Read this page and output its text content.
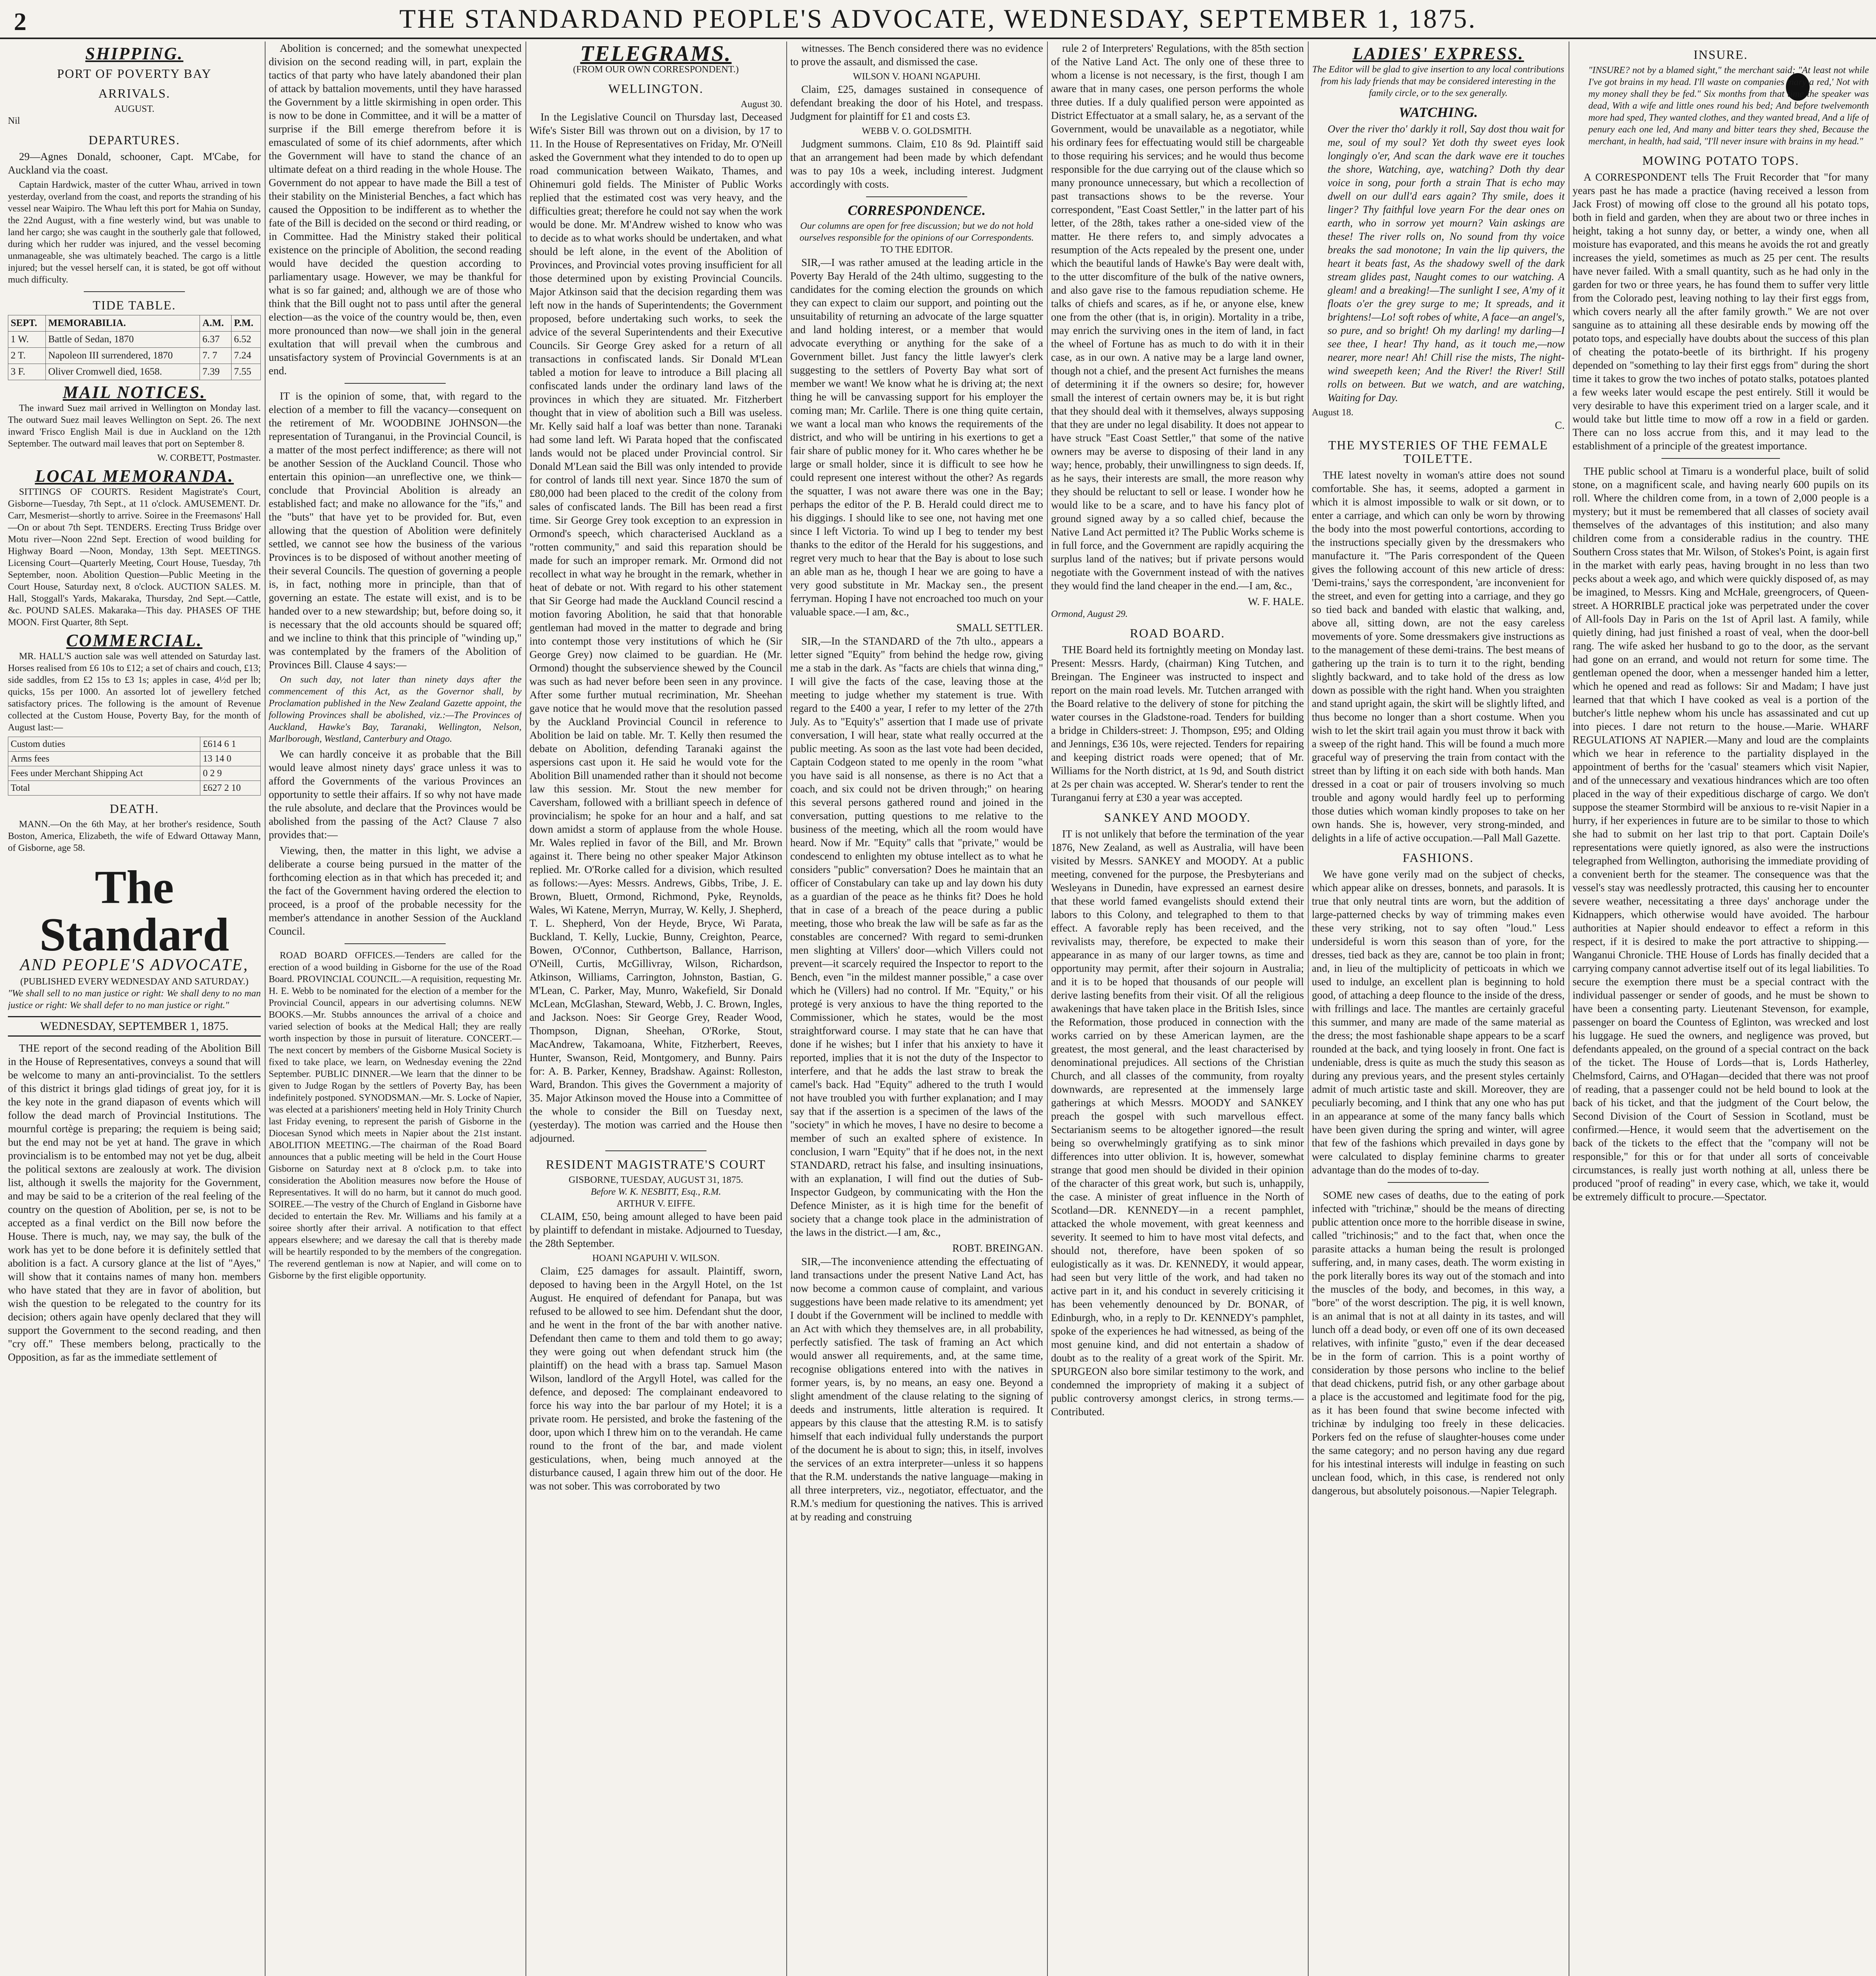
2	THE STANDARDAND PEOPLE'S ADVOCATE, WEDNESDAY, SEPTEMBER 1, 1875.
SHIPPING.
PORT OF POVERTY BAY
ARRIVALS.
AUGUST.
Nil
DEPARTURES.

29—Agnes Donald, schooner, Capt. M'Cabe, for Auckland via the coast.

Captain Hardwick, master of the cutter Whau, arrived in town yesterday, overland from the coast, and reports the stranding of his vessel near Waipiro. The Whau left this port for Mahia on Sunday, the 22nd August, with a fine westerly wind, but was unable to land her cargo; she was caught in the southerly gale that followed, during which her rudder was injured, and the vessel becoming unmanageable, she was ultimately beached. The cargo is a little injured; but the vessel herself can, it is stated, be got off without much difficulty.

TIDE TABLE.
SEPT.	MEMORABILIA.	A.M.	P.M.
1 W.	Battle of Sedan, 1870	6.37	6.52
2 T.	Napoleon III surrendered, 1870	7. 7	7.24
3 F.	Oliver Cromwell died, 1658.	7.39	7.55
MAIL NOTICES.

The inward Suez mail arrived in Wellington on Monday last. The outward Suez mail leaves Wellington on Sept. 26. The next inward 'Frisco English Mail is due in Auckland on the 12th September. The outward mail leaves that port on September 8.

W. CORBETT, Postmaster.
LOCAL MEMORANDA.

SITTINGS OF COURTS. Resident Magistrate's Court, Gisborne—Tuesday, 7th Sept., at 11 o'clock. AMUSEMENT. Dr. Carr, Mesmerist—shortly to arrive. Soiree in the Freemasons' Hall—On or about 7th Sept. TENDERS. Erecting Truss Bridge over Motu river—Noon 22nd Sept. Erection of wood building for Highway Board —Noon, Monday, 13th Sept. MEETINGS. Licensing Court—Quarterly Meeting, Court House, Tuesday, 7th September, noon. Abolition Question—Public Meeting in the Court House, Saturday next, 8 o'clock. AUCTION SALES. M. Hall, Stoggall's Yards, Makaraka, Thursday, 2nd Sept.—Cattle, &c. POUND SALES. Makaraka—This day. PHASES OF THE MOON. First Quarter, 8th Sept.

COMMERCIAL.

MR. HALL'S auction sale was well attended on Saturday last. Horses realised from £6 10s to £12; a set of chairs and couch, £13; side saddles, from £2 15s to £3 1s; apples in case, 4½d per lb; quicks, 15s per 1000. An assorted lot of jewellery fetched satisfactory prices. The following is the amount of Revenue collected at the Custom House, Poverty Bay, for the month of August last:—

Custom duties	£614 6 1
Arms fees	13 14 0
Fees under Merchant Shipping Act	0 2 9
Total	£627 2 10
DEATH.

MANN.—On the 6th May, at her brother's residence, South Boston, America, Elizabeth, the wife of Edward Ottaway Mann, of Gisborne, age 58.

The Standard
AND PEOPLE'S ADVOCATE,
(PUBLISHED EVERY WEDNESDAY AND SATURDAY.)
"We shall sell to no man justice or right: We shall deny to no man justice or right: We shall defer to no man justice or right."
WEDNESDAY, SEPTEMBER 1, 1875.

THE report of the second reading of the Abolition Bill in the House of Representatives, conveys a sound that will be welcome to many an anti-provincialist. To the settlers of this district it brings glad tidings of great joy, for it is the key note in the grand diapason of events which will follow the dead march of Provincial Institutions. The mournful cortège is preparing; the requiem is being said; but the end may not be yet at hand. The grave in which provincialism is to be entombed may not yet be dug, albeit the political sextons are zealously at work. The division list, although it swells the majority for the Government, and may be said to be a criterion of the real feeling of the country on the question of Abolition, per se, is not to be accepted as a final verdict on the Bill now before the House. There is much, nay, we may say, the bulk of the work has yet to be done before it is definitely settled that abolition is a fact. A cursory glance at the list of "Ayes," will show that it contains names of many hon. members who have stated that they are in favor of abolition, but wish the question to be relegated to the country for its decision; others again have openly declared that they will support the Government to the second reading, and then "cry off." These members belong, practically to the Opposition, as far as the immediate settlement of

Abolition is concerned; and the somewhat unexpected division on the second reading will, in part, explain the tactics of that party who have lately abandoned their plan of attack by battalion movements, until they have harassed the Government by a little skirmishing in open order. This is now to be done in Committee, and it will be a matter of surprise if the Bill emerge therefrom before it is emasculated of some of its chief adornments, after which the Government will have to stand the chance of an ultimate defeat on a third reading in the whole House. The Government do not appear to have made the Bill a test of their stability on the Ministerial Benches, a fact which has caused the Opposition to be indifferent as to whether the fate of the Bill is decided on the second or third reading, or in Committee. Had the Ministry staked their political existence on the principle of Abolition, the second reading would have decided the question according to parliamentary usage. However, we may be thankful for what is so far gained; and, although we are of those who think that the Bill ought not to pass until after the general election—as the voice of the country would be, then, even more pronounced than now—we shall join in the general exultation that will prevail when the cumbrous and unsatisfactory system of Provincial Governments is at an end.

IT is the opinion of some, that, with regard to the election of a member to fill the vacancy—consequent on the retirement of Mr. WOODBINE JOHNSON—the representation of Turanganui, in the Provincial Council, is a matter of the most perfect indifference; as there will not be another Session of the Auckland Council. Those who entertain this opinion—an unreflective one, we think—conclude that Provincial Abolition is already an established fact; and make no allowance for the "ifs," and the "buts" that have yet to be provided for. But, even allowing that the question of Abolition were definitely settled, we cannot see how the business of the various Provinces is to be disposed of without another meeting of their several Councils. The question of governing a people is, in fact, nothing more in principle, than that of governing an estate. The estate will exist, and is to be handed over to a new stewardship; but, before doing so, it is necessary that the old accounts should be squared off; and we incline to think that this principle of "winding up," was contemplated by the framers of the Abolition of Provinces Bill. Clause 4 says:—

On such day, not later than ninety days after the commencement of this Act, as the Governor shall, by Proclamation published in the New Zealand Gazette appoint, the following Provinces shall be abolished, viz.:—The Provinces of Auckland, Hawke's Bay, Taranaki, Wellington, Nelson, Marlborough, Westland, Canterbury and Otago.

We can hardly conceive it as probable that the Bill would leave almost ninety days' grace unless it was to afford the Governments of the various Provinces an opportunity to settle their affairs. If so why not have made the rule absolute, and declare that the Provinces would be abolished from the passing of the Act? Clause 7 also provides that:—

Viewing, then, the matter in this light, we advise a deliberate a course being pursued in the matter of the forthcoming election as in that which has preceded it; and the fact of the Government having ordered the election to proceed, is a proof of the probable necessity for the member's attendance in another Session of the Auckland Council.

ROAD BOARD OFFICES.—Tenders are called for the erection of a wood building in Gisborne for the use of the Road Board. PROVINCIAL COUNCIL.—A requisition, requesting Mr. H. E. Webb to be nominated for the election of a member for the Provincial Council, appears in our advertising columns. NEW BOOKS.—Mr. Stubbs announces the arrival of a choice and varied selection of books at the Medical Hall; they are really worth inspection by those in pursuit of literature. CONCERT.—The next concert by members of the Gisborne Musical Society is fixed to take place, we learn, on Wednesday evening the 22nd September. PUBLIC DINNER.—We learn that the dinner to be given to Judge Rogan by the settlers of Poverty Bay, has been indefinitely postponed. SYNODSMAN.—Mr. S. Locke of Napier, was elected at a parishioners' meeting held in Holy Trinity Church last Friday evening, to represent the parish of Gisborne in the Diocesan Synod which meets in Napier about the 21st instant. ABOLITION MEETING.—The chairman of the Road Board announces that a public meeting will be held in the Court House Gisborne on Saturday next at 8 o'clock p.m. to take into consideration the Abolition measures now before the House of Representatives. It will do no harm, but it cannot do much good. SOIREE.—The vestry of the Church of England in Gisborne have decided to entertain the Rev. Mr. Williams and his family at a soiree shortly after their arrival. A notification to that effect appears elsewhere; and we daresay the call that is thereby made will be heartily responded to by the members of the congregation. The reverend gentleman is now at Napier, and will come on to Gisborne by the first eligible opportunity.

TELEGRAMS.
(FROM OUR OWN CORRESPONDENT.)
WELLINGTON.
August 30.

In the Legislative Council on Thursday last, Deceased Wife's Sister Bill was thrown out on a division, by 17 to 11. In the House of Representatives on Friday, Mr. O'Neill asked the Government what they intended to do to open up road communication between Waikato, Thames, and Ohinemuri gold fields. The Minister of Public Works replied that the estimated cost was very heavy, and the difficulties great; therefore he could not say when the work would be done. Mr. M'Andrew wished to know who was to decide as to what works should be undertaken, and what should be left alone, in the event of the Abolition of Provinces, and Provincial votes proving insufficient for all those determined upon by existing Provincial Councils. Major Atkinson said that the decision regarding them was left now in the hands of Superintendents; the Government proposed, before undertaking such works, to seek the advice of the several Superintendents and their Executive Councils. Sir George Grey asked for a return of all transactions in confiscated lands. Sir Donald M'Lean tabled a motion for leave to introduce a Bill placing all confiscated lands under the ordinary land laws of the provinces in which they are situated. Mr. Fitzherbert thought that in view of abolition such a Bill was useless. Mr. Kelly said half a loaf was better than none. Taranaki had some land left. Wi Parata hoped that the confiscated lands would not be placed under Provincial control. Sir Donald M'Lean said the Bill was only intended to provide for control of lands till next year. Since 1870 the sum of £80,000 had been placed to the credit of the colony from sales of confiscated lands. The Bill has been read a first time. Sir George Grey took exception to an expression in Ormond's speech, which characterised Auckland as a "rotten community," and said this reparation should be made for such an improper remark. Mr. Ormond did not recollect in what way he brought in the remark, whether in heat of debate or not. With regard to his other statement that Sir George had made the Auckland Council rescind a motion favoring Abolition, he said that that honorable gentleman had moved in the matter to degrade and bring into contempt those very institutions of which he (Sir George Grey) now claimed to be guardian. He (Mr. Ormond) thought the subservience shewed by the Council was such as had never before been seen in any province. After some further mutual recrimination, Mr. Sheehan gave notice that he would move that the resolution passed by the Auckland Provincial Council in reference to Abolition be laid on table. Mr. T. Kelly then resumed the debate on Abolition, defending Taranaki against the aspersions cast upon it. He said he would vote for the Abolition Bill unamended rather than it should not become law this session. Mr. Stout the new member for Caversham, followed with a brilliant speech in defence of provincialism; he spoke for an hour and a half, and sat down amidst a storm of applause from the whole House. Mr. Wales replied in favor of the Bill, and Mr. Brown against it. There being no other speaker Major Atkinson replied. Mr. O'Rorke called for a division, which resulted as follows:—Ayes: Messrs. Andrews, Gibbs, Tribe, J. E. Brown, Bluett, Ormond, Richmond, Pyke, Reynolds, Wales, Wi Katene, Merryn, Murray, W. Kelly, J. Shepherd, T. L. Shepherd, Von der Heyde, Bryce, Wi Parata, Buckland, T. Kelly, Luckie, Bunny, Creighton, Pearce, Bowen, O'Connor, Cuthbertson, Ballance, Harrison, O'Neill, Curtis, McGillivray, Wilson, Richardson, Atkinson, Williams, Carrington, Johnston, Bastian, G. M'Lean, C. Parker, May, Munro, Wakefield, Sir Donald McLean, McGlashan, Steward, Webb, J. C. Brown, Ingles, and Jackson. Noes: Sir George Grey, Reader Wood, Thompson, Dignan, Sheehan, O'Rorke, Stout, MacAndrew, Takamoana, White, Fitzherbert, Reeves, Hunter, Swanson, Reid, Montgomery, and Bunny. Pairs for: A. B. Parker, Kenney, Bradshaw. Against: Rolleston, Ward, Brandon. This gives the Government a majority of 35. Major Atkinson moved the House into a Committee of the whole to consider the Bill on Tuesday next, (yesterday). The motion was carried and the House then adjourned.

RESIDENT MAGISTRATE'S COURT
GISBORNE, TUESDAY, AUGUST 31, 1875.
Before W. K. NESBITT, Esq., R.M.
ARTHUR V. EIFFE.

CLAIM, £50, being amount alleged to have been paid by plaintiff to defendant in mistake. Adjourned to Tuesday, the 28th September.

HOANI NGAPUHI V. WILSON.

Claim, £25 damages for assault. Plaintiff, sworn, deposed to having been in the Argyll Hotel, on the 1st August. He enquired of defendant for Panapa, but was refused to be allowed to see him. Defendant shut the door, and he went in the front of the bar with another native. Defendant then came to them and told them to go away; they were going out when defendant struck him (the plaintiff) on the head with a brass tap. Samuel Mason Wilson, landlord of the Argyll Hotel, was called for the defence, and deposed: The complainant endeavored to force his way into the bar parlour of my Hotel; it is a private room. He persisted, and broke the fastening of the door, upon which I threw him on to the verandah. He came round to the front of the bar, and made violent gesticulations, when, being much annoyed at the disturbance caused, I again threw him out of the door. He was not sober. This was corroborated by two

witnesses. The Bench considered there was no evidence to prove the assault, and dismissed the case.

WILSON V. HOANI NGAPUHI.

Claim, £25, damages sustained in consequence of defendant breaking the door of his Hotel, and trespass. Judgment for plaintiff for £1 and costs £3.

WEBB V. O. GOLDSMITH.

Judgment summons. Claim, £10 8s 9d. Plaintiff said that an arrangement had been made by which defendant was to pay 10s a week, including interest. Judgment accordingly with costs.

CORRESPONDENCE.
Our columns are open for free discussion; but we do not hold ourselves responsible for the opinions of our Correspondents.
TO THE EDITOR.

SIR,—I was rather amused at the leading article in the Poverty Bay Herald of the 24th ultimo, suggesting to the candidates for the coming election the grounds on which they can expect to claim our support, and pointing out the unsuitability of returning an advocate of the large squatter and land holding interest, or a member that would advocate everything or anything for the sake of a Government billet. Just fancy the little lawyer's clerk suggesting to the settlers of Poverty Bay what sort of member we want! We know what he is driving at; the next thing he will be canvassing support for his employer the coming man; Mr. Carlile. There is one thing quite certain, we want a local man who knows the requirements of the district, and who will be untiring in his exertions to get a fair share of public money for it. Who cares whether he be large or small holder, since it is difficult to see how he could represent one interest without the other? As regards the squatter, I was not aware there was one in the Bay; perhaps the editor of the P. B. Herald could direct me to his diggings. I should like to see one, not having met one since I left Victoria. To wind up I beg to tender my best thanks to the editor of the Herald for his suggestions, and regret very much to hear that the Bay is about to lose such an able man as he, though I hear we are going to have a very good substitute in Mr. Mackay sen., the present ferryman. Hoping I have not encroached too much on your valuable space.—I am, &c.,

SMALL SETTLER.

SIR,—In the STANDARD of the 7th ulto., appears a letter signed "Equity" from behind the hedge row, giving me a stab in the dark. As "facts are chiels that winna ding," I will give the facts of the case, leaving those at the meeting to judge whether my statement is true. With regard to the £400 a year, I refer to my letter of the 27th July. As to "Equity's" assertion that I made use of private conversation, I will hear, state what really occurred at the public meeting. As soon as the last vote had been decided, Captain Codgeon stated to me openly in the room "what you have said is all nonsense, as there is no Act that a coach, and six could not be driven through;" on hearing this several persons gathered round and joined in the conversation, putting questions to me relative to the business of the meeting, which all the room would have heard. Now if Mr. "Equity" calls that "private," would be condescend to enlighten my obtuse intellect as to what he considers "public" conversation? Does he maintain that an officer of Constabulary can take up and lay down his duty as a guardian of the peace as he thinks fit? Does he hold that in case of a breach of the peace during a public meeting, those who break the law will be safe as far as the constables are concerned? With regard to semi-drunken men slighting at Villers' door—which Villers could not prevent—it scarcely required the Inspector to report to the Bench, even "in the mildest manner possible," a case over which he (Villers) had no control. If Mr. "Equity," or his protegé is very anxious to have the thing reported to the Commissioner, which he states, would be the most straightforward course. I may state that he can have that done if he wishes; but I infer that his anxiety to have it reported, implies that it is not the duty of the Inspector to interfere, and that he adds the last straw to break the camel's back. Had "Equity" adhered to the truth I would not have troubled you with further explanation; and I may say that if the assertion is a specimen of the laws of the "society" in which he moves, I have no desire to become a member of such an exalted sphere of existence. In conclusion, I warn "Equity" that if he does not, in the next STANDARD, retract his false, and insulting insinuations, with an explanation, I will find out the duties of Sub-Inspector Gudgeon, by communicating with the Hon the Defence Minister, as it is high time for the benefit of society that a change took place in the administration of the laws in the district.—I am, &c.,

ROBT. BREINGAN.

SIR,—The inconvenience attending the effectuating of land transactions under the present Native Land Act, has now become a common cause of complaint, and various suggestions have been made relative to its amendment; yet I doubt if the Government will be inclined to meddle with an Act with which they themselves are, in all probability, perfectly satisfied. The task of framing an Act which would answer all requirements, and, at the same time, recognise obligations entered into with the natives in former years, is, by no means, an easy one. Beyond a slight amendment of the clause relating to the signing of deeds and instruments, little alteration is required. It appears by this clause that the attesting R.M. is to satisfy himself that each individual fully understands the purport of the document he is about to sign; this, in itself, involves the services of an extra interpreter—unless it so happens that the R.M. understands the native language—making in all three interpreters, viz., negotiator, effectuator, and the R.M.'s medium for questioning the natives. This is arrived at by reading and construing

rule 2 of Interpreters' Regulations, with the 85th section of the Native Land Act. The only one of these three to whom a license is not necessary, is the first, though I am aware that in many cases, one person performs the whole three duties. If a duly qualified person were appointed as District Effectuator at a small salary, he, as a servant of the Government, would be unavailable as a negotiator, while his ordinary fees for effectuating would still be chargeable to those requiring his services; and he would thus become responsible for the due carrying out of the clause which so many pronounce unnecessary, but which a recollection of past transactions shows to be the reverse. Your correspondent, "East Coast Settler," in the latter part of his letter, of the 28th, takes rather a one-sided view of the matter. He there refers to, and simply advocates a resumption of the Acts repealed by the present one, under which the beautiful lands of Hawke's Bay were dealt with, to the utter discomfiture of the bulk of the native owners, and also gave rise to the famous repudiation scheme. He talks of chiefs and scares, as if he, or anyone else, knew one from the other (that is, in origin). Mortality in a tribe, may enrich the surviving ones in the item of land, in fact the wheel of Fortune has as much to do with it in their case, as in our own. A native may be a large land owner, though not a chief, and the present Act furnishes the means of determining it if the owners so desire; for, however small the interest of certain owners may be, it is but right that they should deal with it themselves, always supposing that they are under no legal disability. It does not appear to have struck "East Coast Settler," that some of the native owners may be averse to disposing of their land in any way; hence, probably, their unwillingness to sign deeds. If, as he says, their interests are small, the more reason why they should be reluctant to sell or lease. I wonder how he would like to be a scare, and to have his fancy plot of ground signed away by a so called chief, because the Native Land Act permitted it? The Public Works scheme is in full force, and the Government are rapidly acquiring the surplus land of the natives; but if private persons would negotiate with the Government instead of with the natives they would find the land cheaper in the end.—I am, &c.,

W. F. HALE.
Ormond, August 29.
ROAD BOARD.

THE Board held its fortnightly meeting on Monday last. Present: Messrs. Hardy, (chairman) King Tutchen, and Breingan. The Engineer was instructed to inspect and report on the main road levels. Mr. Tutchen arranged with the Board relative to the delivery of stone for pitching the water courses in the Gladstone-road. Tenders for building a bridge in Childers-street: J. Thompson, £95; and Olding and Jennings, £36 10s, were rejected. Tenders for repairing and keeping district roads were opened; that of Mr. Williams for the North district, at 1s 9d, and South district at 2s per chain was accepted. W. Sherar's tender to rent the Turanganui ferry at £30 a year was accepted.

SANKEY AND MOODY.

IT is not unlikely that before the termination of the year 1876, New Zealand, as well as Australia, will have been visited by Messrs. SANKEY and MOODY. At a public meeting, convened for the purpose, the Presbyterians and Wesleyans in Dunedin, have expressed an earnest desire that these world famed evangelists should extend their labors to this Colony, and telegraphed to them to that effect. A favorable reply has been received, and the revivalists may, therefore, be expected to make their appearance in as many of our larger towns, as time and opportunity may permit, after their sojourn in Australia; and it is to be hoped that thousands of our people will derive lasting benefits from their visit. Of all the religious awakenings that have taken place in the British Isles, since the Reformation, those produced in connection with the works carried on by these American laymen, are the greatest, the most general, and the least characterised by denominational prejudices. All sections of the Christian Church, and all classes of the community, from royalty downwards, are represented at the immensely large gatherings at which Messrs. MOODY and SANKEY preach the gospel with such marvellous effect. Sectarianism seems to be altogether ignored—the result being so overwhelmingly gratifying as to sink minor differences into utter oblivion. It is, however, somewhat strange that good men should be divided in their opinion of the character of this great work, but such is, unhappily, the case. A minister of great influence in the North of Scotland—DR. KENNEDY—in a recent pamphlet, attacked the whole movement, with great keenness and severity. It seemed to him to have most vital defects, and should not, therefore, have been spoken of so eulogistically as it was. Dr. KENNEDY, it would appear, had seen but very little of the work, and had taken no active part in it, and his conduct in severely criticising it has been vehemently denounced by Dr. BONAR, of Edinburgh, who, in a reply to Dr. KENNEDY's pamphlet, spoke of the experiences he had witnessed, as being of the most genuine kind, and did not entertain a shadow of doubt as to the reality of a great work of the Spirit. Mr. SPURGEON also bore similar testimony to the work, and condemned the impropriety of making it a subject of public controversy amongst clerics, in strong terms.—Contributed.

LADIES' EXPRESS.
The Editor will be glad to give insertion to any local contributions from his lady friends that may be considered interesting in the family circle, or to the sex generally.
WATCHING.

Over the river tho' darkly it roll, Say dost thou wait for me, soul of my soul? Yet doth thy sweet eyes look longingly o'er, And scan the dark wave ere it touches the shore, Watching, aye, watching? Doth thy dear voice in song, pour forth a strain That is echo may dwell on our dull'd ears again? Thy smile, does it linger? Thy faithful love yearn For the dear ones on earth, who in sorrow yet mourn? Vain askings are these! The river rolls on, No sound from thy voice breaks the sad monotone; In vain the lip quivers, the heart it beats fast, As the shadowy swell of the dark stream glides past, Naught comes to our watching. A gleam! and a breaking!—The sunlight I see, A'my of it floats o'er the grey surge to me; It spreads, and it brightens!—Lo! soft robes of white, A face—an angel's, so pure, and so bright! Oh my darling! my darling—I see thee, I hear! Thy hand, as it touch me,—now nearer, more near! Ah! Chill rise the mists, The night-wind sweepeth keen; And the River! the River! Still rolls on between. But we watch, and are watching, Waiting for Day.

August 18.
C.
THE MYSTERIES OF THE FEMALE TOILETTE.

THE latest novelty in woman's attire does not sound comfortable. She has, it seems, adopted a garment in which it is almost impossible to walk or sit down, or to enter a carriage, and which can only be worn by throwing the body into the most powerful contortions, according to the instructions specially given by the dressmakers who manufacture it. "The Paris correspondent of the Queen gives the following account of this new article of dress: 'Demi-trains,' says the correspondent, 'are inconvenient for the street, and even for getting into a carriage, and they go so tied back and banded with elastic that walking, and, above all, sitting down, are not the easy careless movements of yore. Some dressmakers give instructions as to the management of these demi-trains. The best means of gathering up the train is to turn it to the right, bending slightly backward, and to take hold of the dress as low down as possible with the right hand. When you straighten and stand upright again, the skirt will be slightly lifted, and thus become no longer than a short costume. When you wish to let the skirt trail again you must throw it back with a sweep of the right hand. This will be found a much more graceful way of preserving the train from contact with the street than by lifting it on each side with both hands. Man dressed in a coat or pair of trousers involving so much trouble and agony would hardly feel up to performing those duties which woman kindly proposes to take on her own hands. She is, however, very strong-minded, and delights in a life of active occupation.—Pall Mall Gazette.

FASHIONS.

We have gone verily mad on the subject of checks, which appear alike on dresses, bonnets, and parasols. It is true that only neutral tints are worn, but the addition of large-patterned checks by way of trimming makes even these very striking, not to say often "loud." Less undersideful is worn this season than of yore, for the dresses, tied back as they are, cannot be too plain in front; and, in lieu of the multiplicity of petticoats in which we used to indulge, an excellent plan is beginning to hold good, of attaching a deep flounce to the inside of the dress, with frillings and lace. The mantles are certainly graceful this summer, and many are made of the same material as the dress; the most fashionable shape appears to be a scarf rounded at the back, and tying loosely in front. One fact is undeniable, dress is quite as much the study this season as during any previous years, and the present styles certainly admit of much artistic taste and skill. Moreover, they are peculiarly becoming, and I think that any one who has put in an appearance at some of the many fancy balls which have been given during the spring and winter, will agree that few of the fashions which prevailed in days gone by were calculated to display feminine charms to greater advantage than do the modes of to-day.

SOME new cases of deaths, due to the eating of pork infected with "trichinæ," should be the means of directing public attention once more to the horrible disease in swine, called "trichinosis;" and to the fact that, when once the parasite attacks a human being the result is prolonged suffering, and, in many cases, death. The worm existing in the pork literally bores its way out of the stomach and into the muscles of the body, and becomes, in this way, a "bore" of the worst description. The pig, it is well known, is an animal that is not at all dainty in its tastes, and will lunch off a dead body, or even off one of its own deceased relatives, with infinite "gusto," even if the dear deceased be in the form of carrion. This is a point worthy of consideration by those persons who incline to the belief that dead chickens, putrid fish, or any other garbage about a place is the accustomed and legitimate food for the pig, as it has been found that swine become infected with trichinæ by indulging too freely in these delicacies. Porkers fed on the refuse of slaughter-houses come under the same category; and no person having any due regard for his intestinal interests will indulge in feasting on such unclean food, which, in this case, is rendered not only dangerous, but absolutely poisonous.—Napier Telegraph.

INSURE.

"INSURE? not by a blamed sight," the merchant said; "At least not while I've got brains in my head. I'll waste on companies 'nary a red,' Not with my money shall they be fed." Six months from that time the speaker was dead, With a wife and little ones round his bed; And before twelvemonth more had sped, They wanted clothes, and they wanted bread, And a life of penury each one led, And many and bitter tears they shed, Because the merchant, in health, had said, "I'll never insure with brains in my head."

MOWING POTATO TOPS.

A CORRESPONDENT tells The Fruit Recorder that "for many years past he has made a practice (having received a lesson from Jack Frost) of mowing off close to the ground all his potato tops, both in field and garden, when they are about two or three inches in height, taking a hot sunny day, or better, a windy one, when all moisture has evaporated, and this means he avoids the rot and greatly increases the yield, sometimes as much as 25 per cent. The results have never failed. With a small quantity, such as he had only in the garden for two or three years, he has found them to suffer very little from the Colorado pest, leaving nothing to lay their first eggs from, which covers nearly all the after family growth." We are not over sanguine as to attaining all these desirable ends by mowing off the potato tops, and especially have doubts about the success of this plan of cheating the potato-beetle of its birthright. If his progeny depended on "something to lay their first eggs from" during the short time it takes to grow the two inches of potato stalks, potatoes planted a few weeks later would escape the pest entirely. Still it would be very desirable to have this experiment tried on a larger scale, and it would take but little time to mow off a row in a field or garden. There can no loss accrue from this, and it may lead to the establishment of a principle of the greatest importance.

THE public school at Timaru is a wonderful place, built of solid stone, on a magnificent scale, and having nearly 600 pupils on its roll. Where the children come from, in a town of 2,000 people is a mystery; but it must be remembered that all classes of society avail themselves of the advantages of this institution; and also many children come from a considerable radius in the country. THE Southern Cross states that Mr. Wilson, of Stokes's Point, is again first in the market with early peas, having brought in no less than two pecks about a week ago, and which were quickly disposed of, as may be imagined, to Messrs. King and McHale, greengrocers, of Queen-street. A HORRIBLE practical joke was perpetrated under the cover of All-fools Day in Paris on the 1st of April last. A family, while quietly dining, had just finished a roast of veal, when the door-bell rang. The wife asked her husband to go to the door, as the servant had gone on an errand, and would not return for some time. The gentleman opened the door, when a messenger handed him a letter, which he opened and read as follows: Sir and Madam; I have just learned that that which I have cooked as veal is a portion of the butcher's little nephew whom his uncle has assassinated and cut up into pieces. I dare not return to the house.—Marie. WHARF REGULATIONS AT NAPIER.—Many and loud are the complaints which we hear in reference to the partiality displayed in the appointment of berths for the 'casual' steamers which visit Napier, and of the unnecessary and vexatious hindrances which are too often placed in the way of their expeditious discharge of cargo. We don't suppose the steamer Stormbird will be anxious to re-visit Napier in a hurry, if her experiences in future are to be similar to those to which she had to submit on her last trip to that port. Captain Doile's representations were quietly ignored, as also were the instructions telegraphed from Wellington, authorising the immediate providing of a convenient berth for the steamer. The consequence was that the vessel's stay was needlessly protracted, this causing her to encounter severe weather, necessitating a three days' anchorage under the Kidnappers, which otherwise would have avoided. The harbour authorities at Napier should endeavor to effect a reform in this respect, if it is desired to make the port attractive to shipping.—Wanganui Chronicle. THE House of Lords has finally decided that a carrying company cannot advertise itself out of its legal liabilities. To secure the exemption there must be a special contract with the individual passenger or sender of goods, and he must be shown to have been a consenting party. Lieutenant Stevenson, for example, passenger on board the Countess of Eglinton, was wrecked and lost his luggage. He sued the owners, and negligence was proved, but defendants appealed, on the ground of a special contract on the back of the ticket. The House of Lords—that is, Lords Hatherley, Chelmsford, Cairns, and O'Hagan—decided that there was not proof of reading, that a passenger could not be held bound to look at the back of his ticket, and that the judgment of the Court below, the Second Division of the Court of Session in Scotland, must be confirmed.—Hence, it would seem that the advertisement on the back of the tickets to the effect that the "company will not be responsible," for this or for that under all sorts of conceivable circumstances, is really just worth nothing at all, unless there be produced "proof of reading" in every case, which, we take it, would be extremely difficult to procure.—Spectator.
